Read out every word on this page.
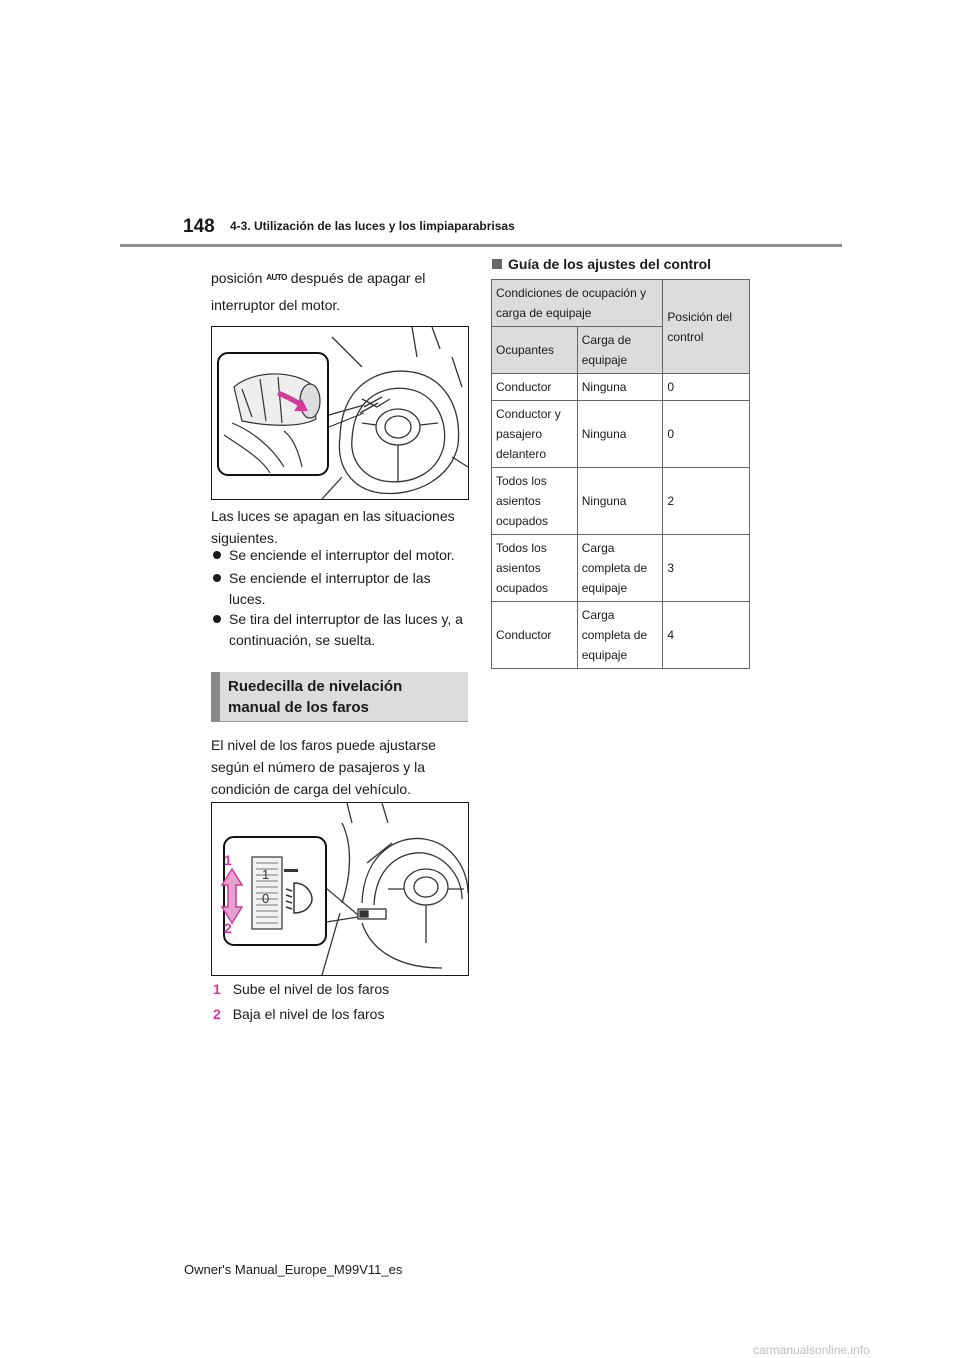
148 4-3. Utilización de las luces y los limpiaparabrisas
posición $^{AUTO}$ después de apagar el
interruptor del motor.
Las luces se apagan en las situaciones siguientes.
Se enciende el interruptor del motor.
Se enciende el interruptor de las luces.
Se tira del interruptor de las luces y, a continuación, se suelta.
Ruedecilla de nivelación manual de los faros
El nivel de los faros puede ajustarse según el número de pasajeros y la condición de carga del vehículo.
1
0
1
2
1 Sube el nivel de los faros
2 Baja el nivel de los faros
Guía de los ajustes del control
Condiciones de ocupación y carga de equipaje		Posición del control
Ocupantes	Carga de equipaje	
Conductor	Ninguna	0
Conductor y pasajero delantero	Ninguna	0
Todos los asientos ocupados	Ninguna	2
Todos los asientos ocupados	Carga completa de equipaje	3
Conductor	Carga completa de equipaje	4
Owner's Manual_Europe_M99V11_es
carmanualsonline.info
